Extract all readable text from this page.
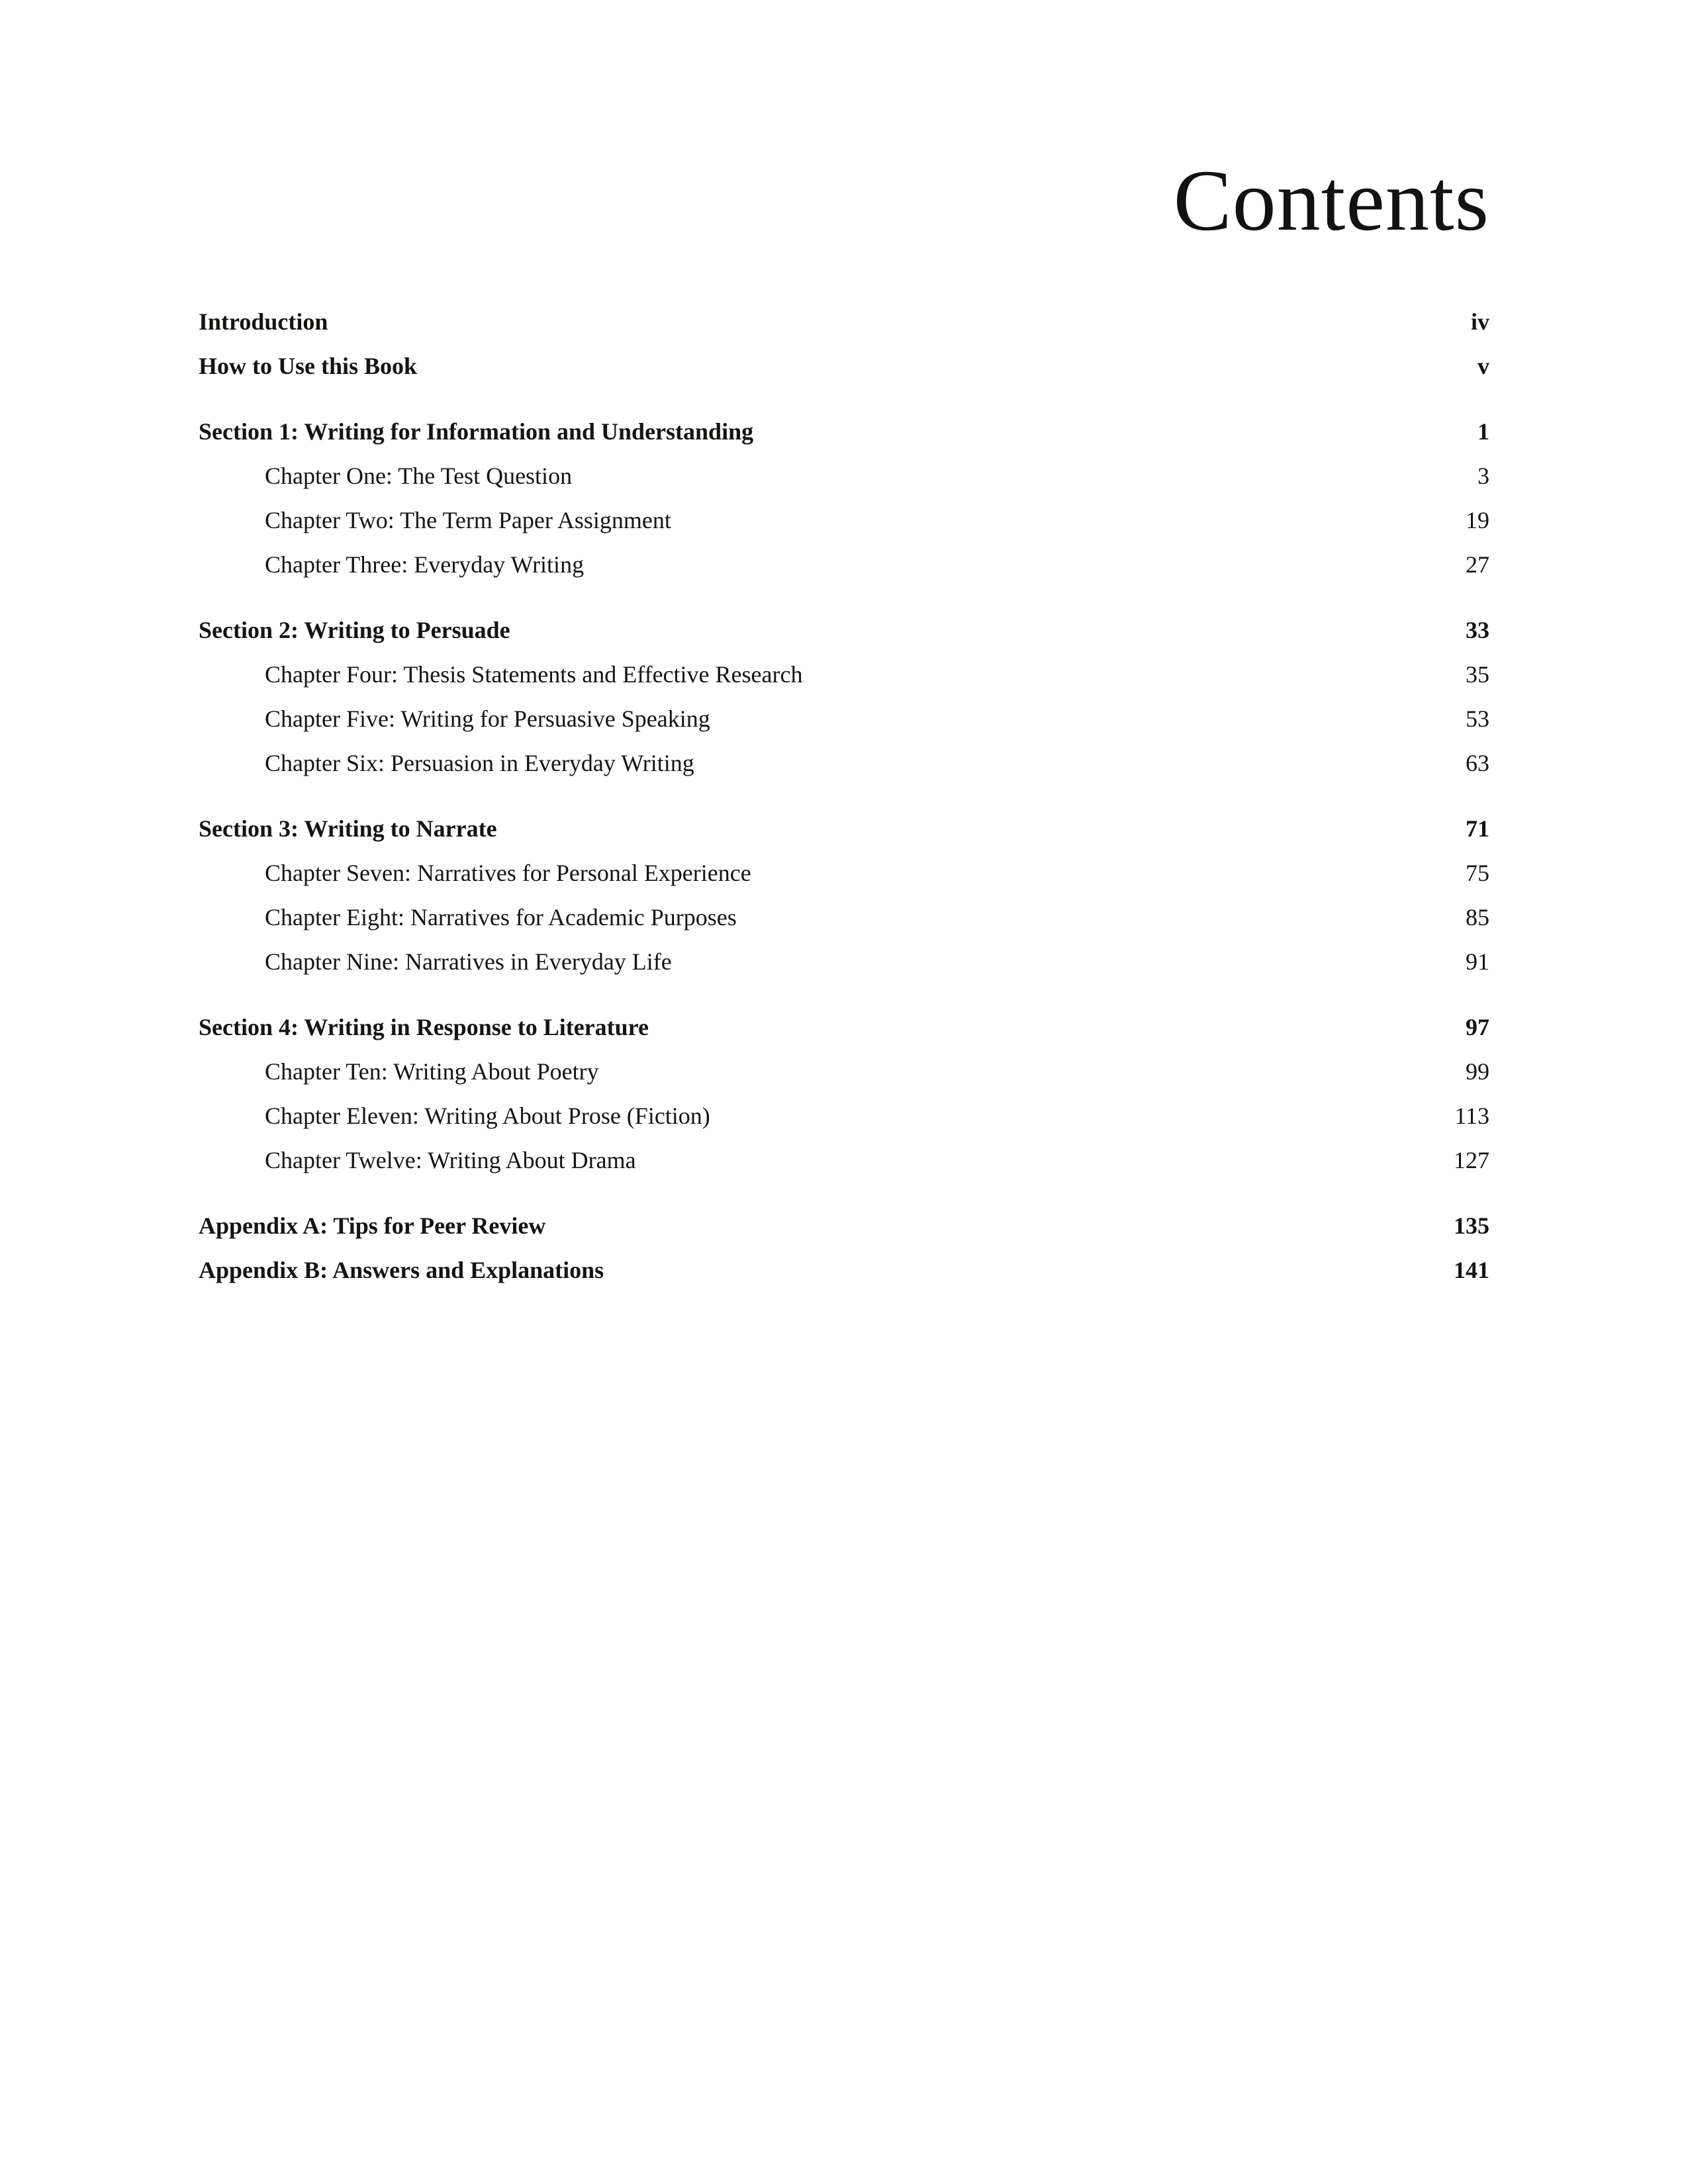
Contents
Introduction	iv
How to Use this Book	v
Section 1: Writing for Information and Understanding	1
Chapter One: The Test Question	3
Chapter Two: The Term Paper Assignment	19
Chapter Three: Everyday Writing	27
Section 2: Writing to Persuade	33
Chapter Four: Thesis Statements and Effective Research	35
Chapter Five: Writing for Persuasive Speaking	53
Chapter Six: Persuasion in Everyday Writing	63
Section 3: Writing to Narrate	71
Chapter Seven: Narratives for Personal Experience	75
Chapter Eight: Narratives for Academic Purposes	85
Chapter Nine: Narratives in Everyday Life	91
Section 4: Writing in Response to Literature	97
Chapter Ten: Writing About Poetry	99
Chapter Eleven: Writing About Prose (Fiction)	113
Chapter Twelve: Writing About Drama	127
Appendix A: Tips for Peer Review	135
Appendix B: Answers and Explanations	141
